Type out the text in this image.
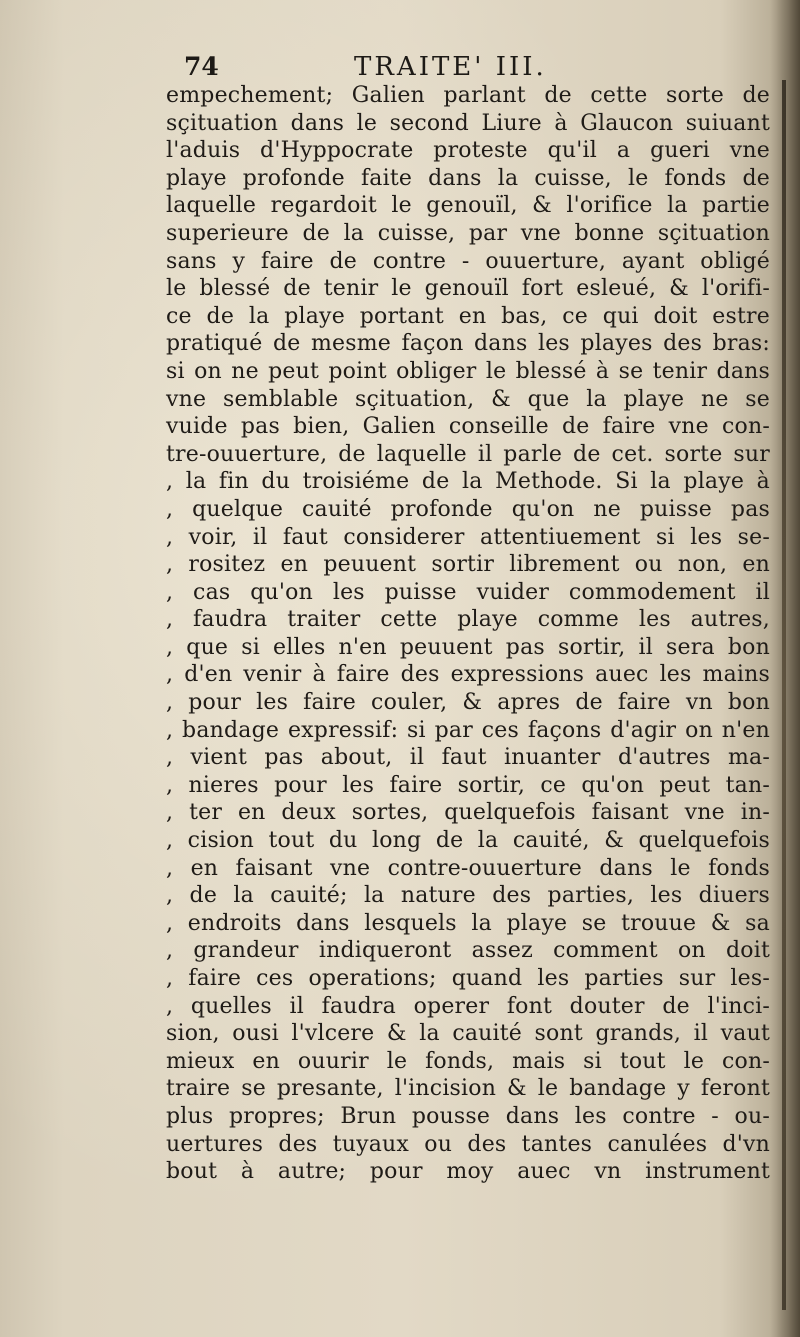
74	TRAITE' III.
empechement; Galien parlant de cette sorte de
sçituation dans le second Liure à Glaucon suiuant
l'aduis d'Hyppocrate proteste qu'il a gueri vne
playe profonde faite dans la cuisse, le fonds de
laquelle regardoit le genouïl, & l'orifice la partie
superieure de la cuisse, par vne bonne sçituation
sans y faire de contre - ouuerture, ayant obligé
le blessé de tenir le genouïl fort esleué, & l'orifi-
ce de la playe portant en bas, ce qui doit estre
pratiqué de mesme façon dans les playes des bras:
si on ne peut point obliger le blessé à se tenir dans
vne semblable sçituation, & que la playe ne se
vuide pas bien, Galien conseille de faire vne con-
tre-ouuerture, de laquelle il parle de cet. sorte sur
, la fin du troisiéme de la Methode. Si la playe à
, quelque cauité profonde qu'on ne puisse pas
, voir, il faut considerer attentiuement si les se-
, rositez en peuuent sortir librement ou non, en
, cas qu'on les puisse vuider commodement il
, faudra traiter cette playe comme les autres,
, que si elles n'en peuuent pas sortir, il sera bon
, d'en venir à faire des expressions auec les mains
, pour les faire couler, & apres de faire vn bon
, bandage expressif: si par ces façons d'agir on n'en
, vient pas about, il faut inuanter d'autres ma-
, nieres pour les faire sortir, ce qu'on peut tan-
, ter en deux sortes, quelquefois faisant vne in-
, cision tout du long de la cauité, & quelquefois
, en faisant vne contre-ouuerture dans le fonds
, de la cauité; la nature des parties, les diuers
, endroits dans lesquels la playe se trouue & sa
, grandeur indiqueront assez comment on doit
, faire ces operations; quand les parties sur les-
, quelles il faudra operer font douter de l'inci-
sion, ousi l'vlcere & la cauité sont grands, il vaut
mieux en ouurir le fonds, mais si tout le con-
traire se presante, l'incision & le bandage y feront
plus propres; Brun pousse dans les contre - ou-
uertures des tuyaux ou des tantes canulées d'vn
bout à autre; pour moy auec vn instrument
